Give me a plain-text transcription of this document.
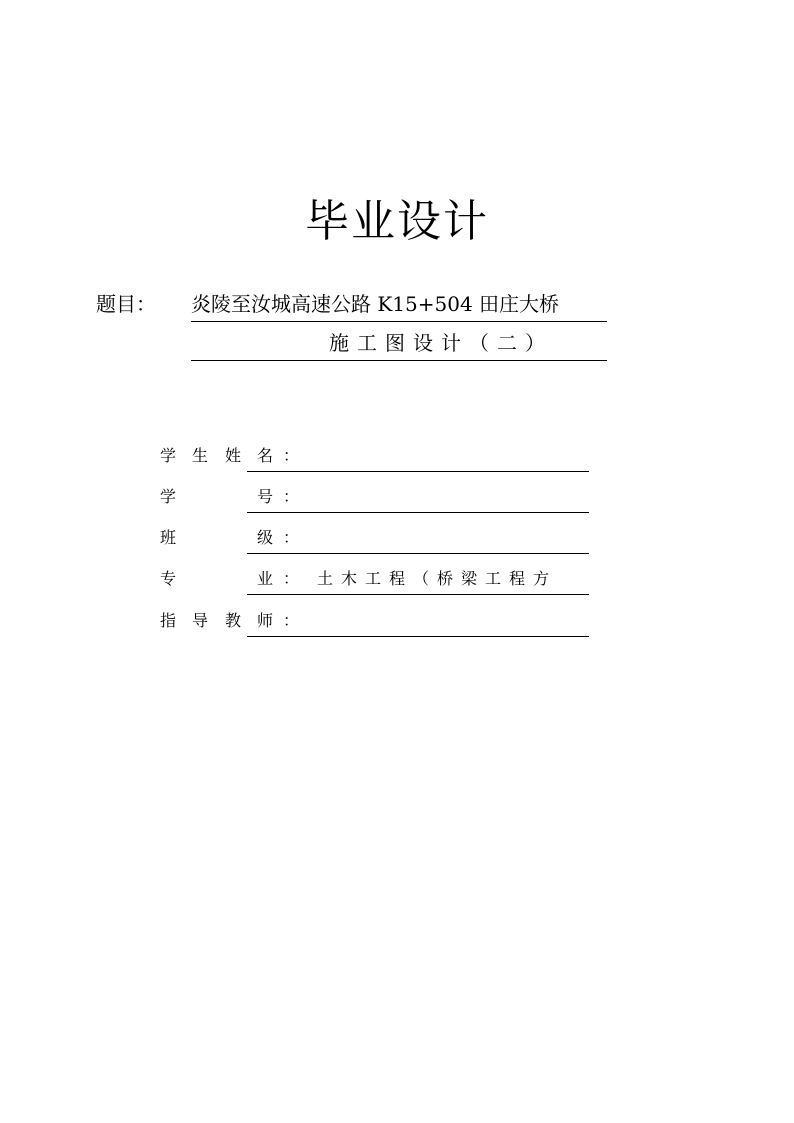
毕业设计
题目： 炎陵至汝城高速公路 K15+504 田庄大桥
施工图设计（二）
学 生 姓 名 ：
学	号 ：
班	级 ：
专	业 ： 土木工程（桥梁工程方
指 导 教 师 ：
